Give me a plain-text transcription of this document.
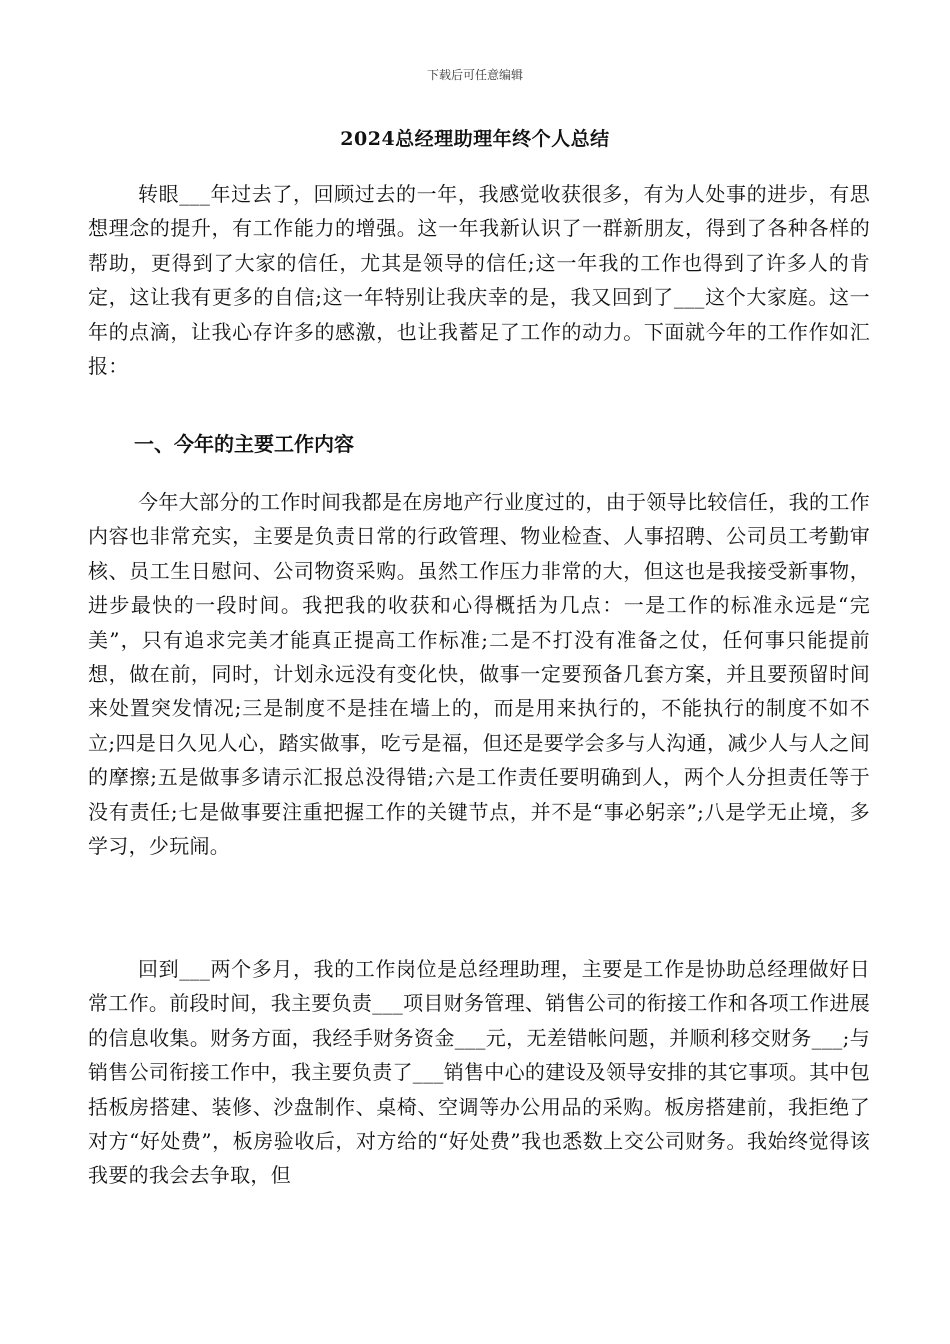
下载后可任意编辑
2024总经理助理年终个人总结

转眼___年过去了，回顾过去的一年，我感觉收获很多，有为人处事的进步，有思想理念的提升，有工作能力的增强。这一年我新认识了一群新朋友，得到了各种各样的帮助，更得到了大家的信任，尤其是领导的信任;这一年我的工作也得到了许多人的肯定，这让我有更多的自信;这一年特别让我庆幸的是，我又回到了___这个大家庭。这一年的点滴，让我心存许多的感激，也让我蓄足了工作的动力。下面就今年的工作作如汇报：

一、今年的主要工作内容

今年大部分的工作时间我都是在房地产行业度过的，由于领导比较信任，我的工作内容也非常充实，主要是负责日常的行政管理、物业检查、人事招聘、公司员工考勤审核、员工生日慰问、公司物资采购。虽然工作压力非常的大，但这也是我接受新事物，进步最快的一段时间。我把我的收获和心得概括为几点：一是工作的标准永远是“完美”，只有追求完美才能真正提高工作标准;二是不打没有准备之仗，任何事只能提前想，做在前，同时，计划永远没有变化快，做事一定要预备几套方案，并且要预留时间来处置突发情况;三是制度不是挂在墙上的，而是用来执行的，不能执行的制度不如不立;四是日久见人心，踏实做事，吃亏是福，但还是要学会多与人沟通，减少人与人之间的摩擦;五是做事多请示汇报总没得错;六是工作责任要明确到人，两个人分担责任等于没有责任;七是做事要注重把握工作的关键节点，并不是“事必躬亲”;八是学无止境，多学习，少玩闹。

回到___两个多月，我的工作岗位是总经理助理，主要是工作是协助总经理做好日常工作。前段时间，我主要负责___项目财务管理、销售公司的衔接工作和各项工作进展的信息收集。财务方面，我经手财务资金___元，无差错帐问题，并顺利移交财务___;与销售公司衔接工作中，我主要负责了___销售中心的建设及领导安排的其它事项。其中包括板房搭建、装修、沙盘制作、桌椅、空调等办公用品的采购。板房搭建前，我拒绝了对方“好处费”，板房验收后，对方给的“好处费”我也悉数上交公司财务。我始终觉得该我要的我会去争取，但
